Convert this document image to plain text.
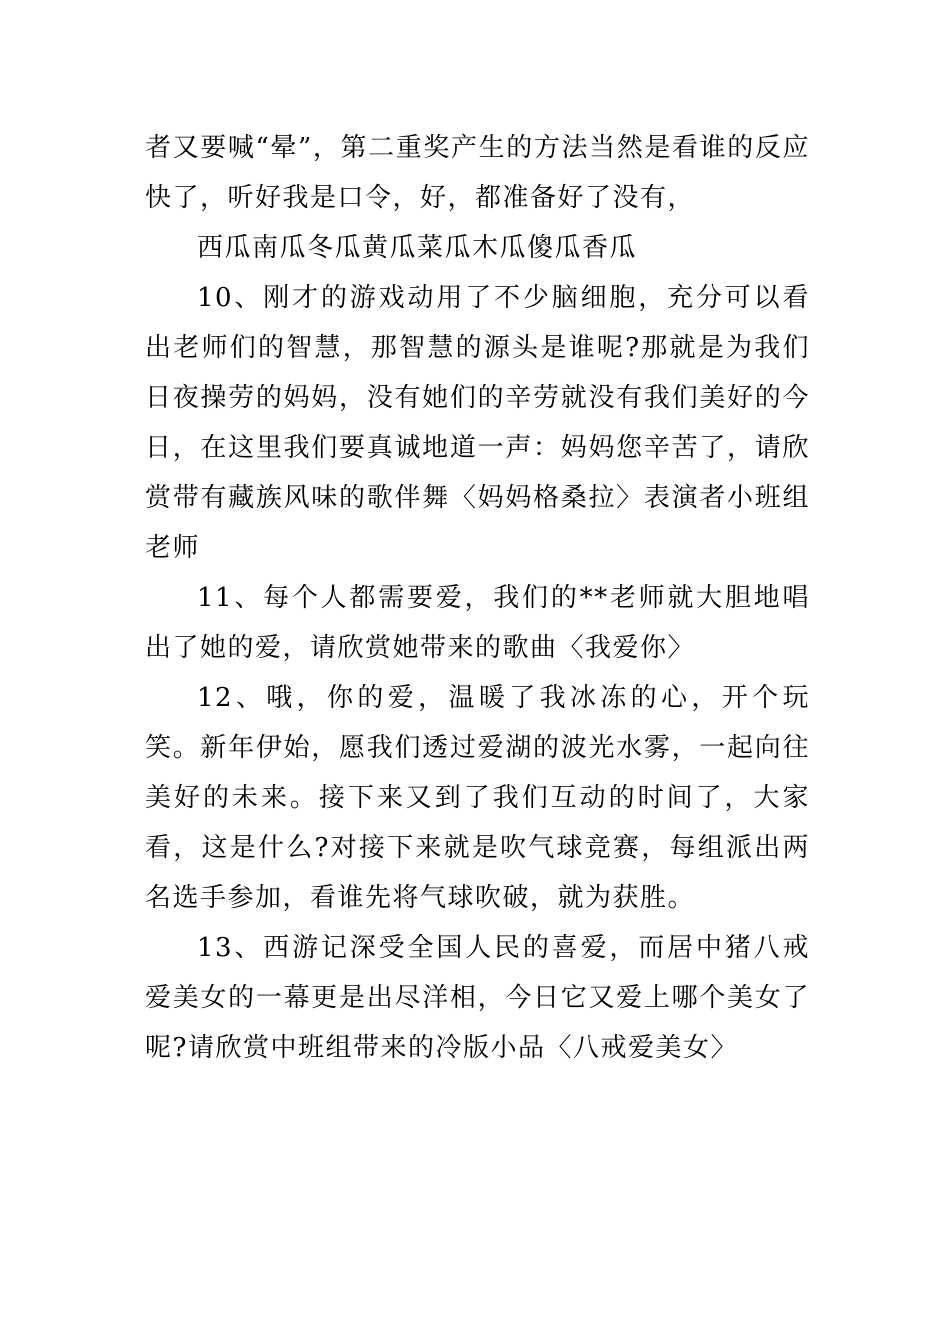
者又要喊“晕”，第二重奖产生的方法当然是看谁的反应快了，听好我是口令，好，都准备好了没有，

西瓜南瓜冬瓜黄瓜菜瓜木瓜傻瓜香瓜

10、刚才的游戏动用了不少脑细胞，充分可以看出老师们的智慧，那智慧的源头是谁呢?那就是为我们日夜操劳的妈妈，没有她们的辛劳就没有我们美好的今日，在这里我们要真诚地道一声：妈妈您辛苦了，请欣赏带有藏族风味的歌伴舞〈妈妈格桑拉〉表演者小班组老师

11、每个人都需要爱，我们的**老师就大胆地唱出了她的爱，请欣赏她带来的歌曲〈我爱你〉

12、哦，你的爱，温暖了我冰冻的心，开个玩笑。新年伊始，愿我们透过爱湖的波光水雾，一起向往美好的未来。接下来又到了我们互动的时间了，大家看，这是什么?对接下来就是吹气球竞赛，每组派出两名选手参加，看谁先将气球吹破，就为获胜。

13、西游记深受全国人民的喜爱，而居中猪八戒爱美女的一幕更是出尽洋相，今日它又爱上哪个美女了呢?请欣赏中班组带来的冷版小品〈八戒爱美女〉
